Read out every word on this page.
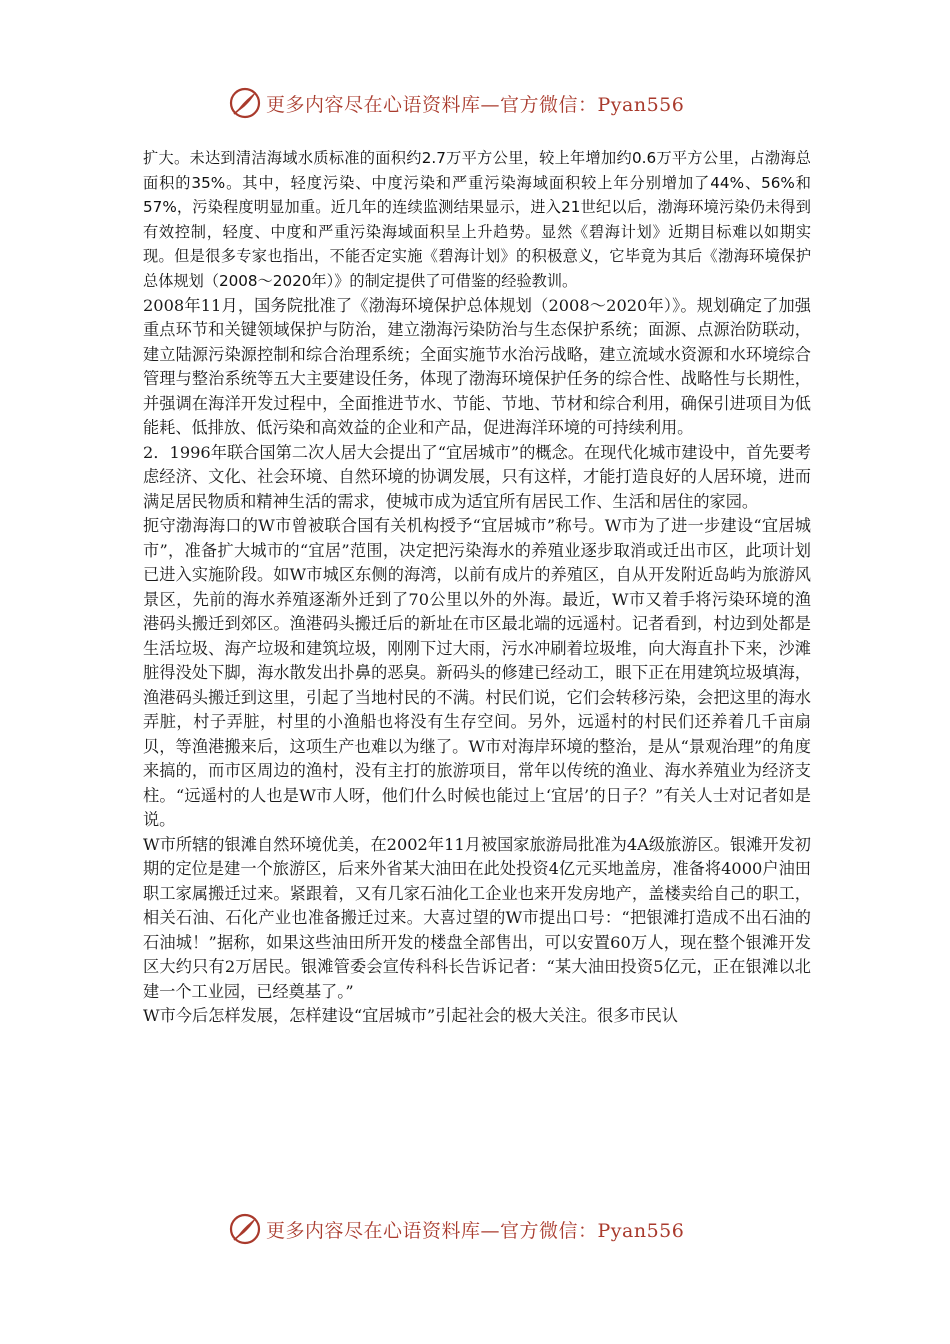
更多内容尽在心语资料库—官方微信：Pyan556

扩大。未达到清洁海域水质标准的面积约2.7万平方公里，较上年增加约0.6万平方公里，占渤海总面积的35%。其中，轻度污染、中度污染和严重污染海域面积较上年分别增加了44%、56%和57%，污染程度明显加重。近几年的连续监测结果显示，进入21世纪以后，渤海环境污染仍未得到有效控制，轻度、中度和严重污染海域面积呈上升趋势。显然《碧海计划》近期目标难以如期实现。但是很多专家也指出，不能否定实施《碧海计划》的积极意义，它毕竟为其后《渤海环境保护总体规划（2008～2020年）》的制定提供了可借鉴的经验教训。

2008年11月，国务院批准了《渤海环境保护总体规划（2008～2020年）》。规划确定了加强重点环节和关键领域保护与防治，建立渤海污染防治与生态保护系统；面源、点源治防联动，建立陆源污染源控制和综合治理系统；全面实施节水治污战略，建立流域水资源和水环境综合管理与整治系统等五大主要建设任务，体现了渤海环境保护任务的综合性、战略性与长期性，并强调在海洋开发过程中，全面推进节水、节能、节地、节材和综合利用，确保引进项目为低能耗、低排放、低污染和高效益的企业和产品，促进海洋环境的可持续利用。

2．1996年联合国第二次人居大会提出了“宜居城市”的概念。在现代化城市建设中，首先要考虑经济、文化、社会环境、自然环境的协调发展，只有这样，才能打造良好的人居环境，进而满足居民物质和精神生活的需求，使城市成为适宜所有居民工作、生活和居住的家园。

扼守渤海海口的W市曾被联合国有关机构授予“宜居城市”称号。W市为了进一步建设“宜居城市”，准备扩大城市的“宜居”范围，决定把污染海水的养殖业逐步取消或迁出市区，此项计划已进入实施阶段。如W市城区东侧的海湾，以前有成片的养殖区，自从开发附近岛屿为旅游风景区，先前的海水养殖逐渐外迁到了70公里以外的外海。最近，W市又着手将污染环境的渔港码头搬迁到郊区。渔港码头搬迁后的新址在市区最北端的远遥村。记者看到，村边到处都是生活垃圾、海产垃圾和建筑垃圾，刚刚下过大雨，污水冲刷着垃圾堆，向大海直扑下来，沙滩脏得没处下脚，海水散发出扑鼻的恶臭。新码头的修建已经动工，眼下正在用建筑垃圾填海，渔港码头搬迁到这里，引起了当地村民的不满。村民们说，它们会转移污染，会把这里的海水弄脏，村子弄脏，村里的小渔船也将没有生存空间。另外，远遥村的村民们还养着几千亩扇贝，等渔港搬来后，这项生产也难以为继了。W市对海岸环境的整治，是从“景观治理”的角度来搞的，而市区周边的渔村，没有主打的旅游项目，常年以传统的渔业、海水养殖业为经济支柱。“远遥村的人也是W市人呀，他们什么时候也能过上‘宜居’的日子？”有关人士对记者如是说。

W市所辖的银滩自然环境优美，在2002年11月被国家旅游局批准为4A级旅游区。银滩开发初期的定位是建一个旅游区，后来外省某大油田在此处投资4亿元买地盖房，准备将4000户油田职工家属搬迁过来。紧跟着，又有几家石油化工企业也来开发房地产，盖楼卖给自己的职工，相关石油、石化产业也准备搬迁过来。大喜过望的W市提出口号：“把银滩打造成不出石油的石油城！”据称，如果这些油田所开发的楼盘全部售出，可以安置60万人，现在整个银滩开发区大约只有2万居民。银滩管委会宣传科科长告诉记者：“某大油田投资5亿元，正在银滩以北建一个工业园，已经奠基了。”

W市今后怎样发展，怎样建设“宜居城市”引起社会的极大关注。很多市民认

更多内容尽在心语资料库—官方微信：Pyan556
